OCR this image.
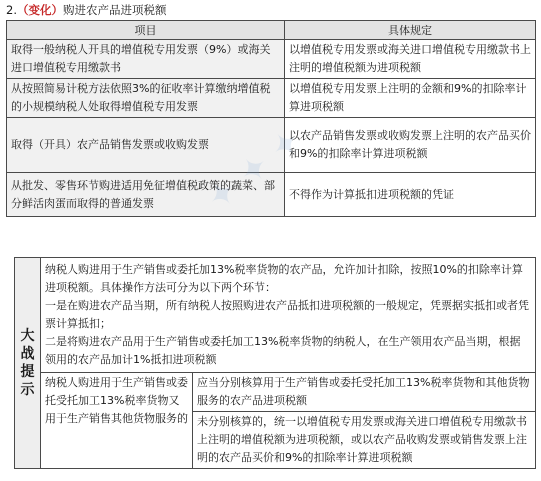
2.（变化）购进农产品进项税额
项目	具体规定
取得一般纳税人开具的增值税专用发票（9%）或海关进口增值税专用缴款书	以增值税专用发票或海关进口增值税专用缴款书上注明的增值税额为进项税额
从按照简易计税方法依照3%的征收率计算缴纳增值税的小规模纳税人处取得增值税专用发票	以增值税专用发票上注明的金额和9%的扣除率计算进项税额
取得（开具）农产品销售发票或收购发票	以农产品销售发票或收购发票上注明的农产品买价和9%的扣除率计算进项税额
从批发、零售环节购进适用免征增值税政策的蔬菜、部分鲜活肉蛋而取得的普通发票	不得作为计算抵扣进项税额的凭证
✦
大战提示	纳税人购进用于生产销售或委托加13%税率货物的农产品，允许加计扣除，按照10%的扣除率计算进项税额。具体操作方法可分为以下两个环节：
一是在购进农产品当期，所有纳税人按照购进农产品抵扣进项税额的一般规定，凭票据实抵扣或者凭票计算抵扣；
二是将购进农产品用于生产销售或委托加工13%税率货物的纳税人，在生产领用农产品当期，根据领用的农产品加计1%抵扣进项税额	

	纳税人购进用于生产销售或委托受托加工13%税率货物又用于生产销售其他货物服务的	应当分别核算用于生产销售或委托受托加工13%税率货物和其他货物服务的农产品进项税额
		未分别核算的，统一以增值税专用发票或海关进口增值税专用缴款书上注明的增值税额为进项税额，或以农产品收购发票或销售发票上注明的农产品买价和9%的扣除率计算进项税额
